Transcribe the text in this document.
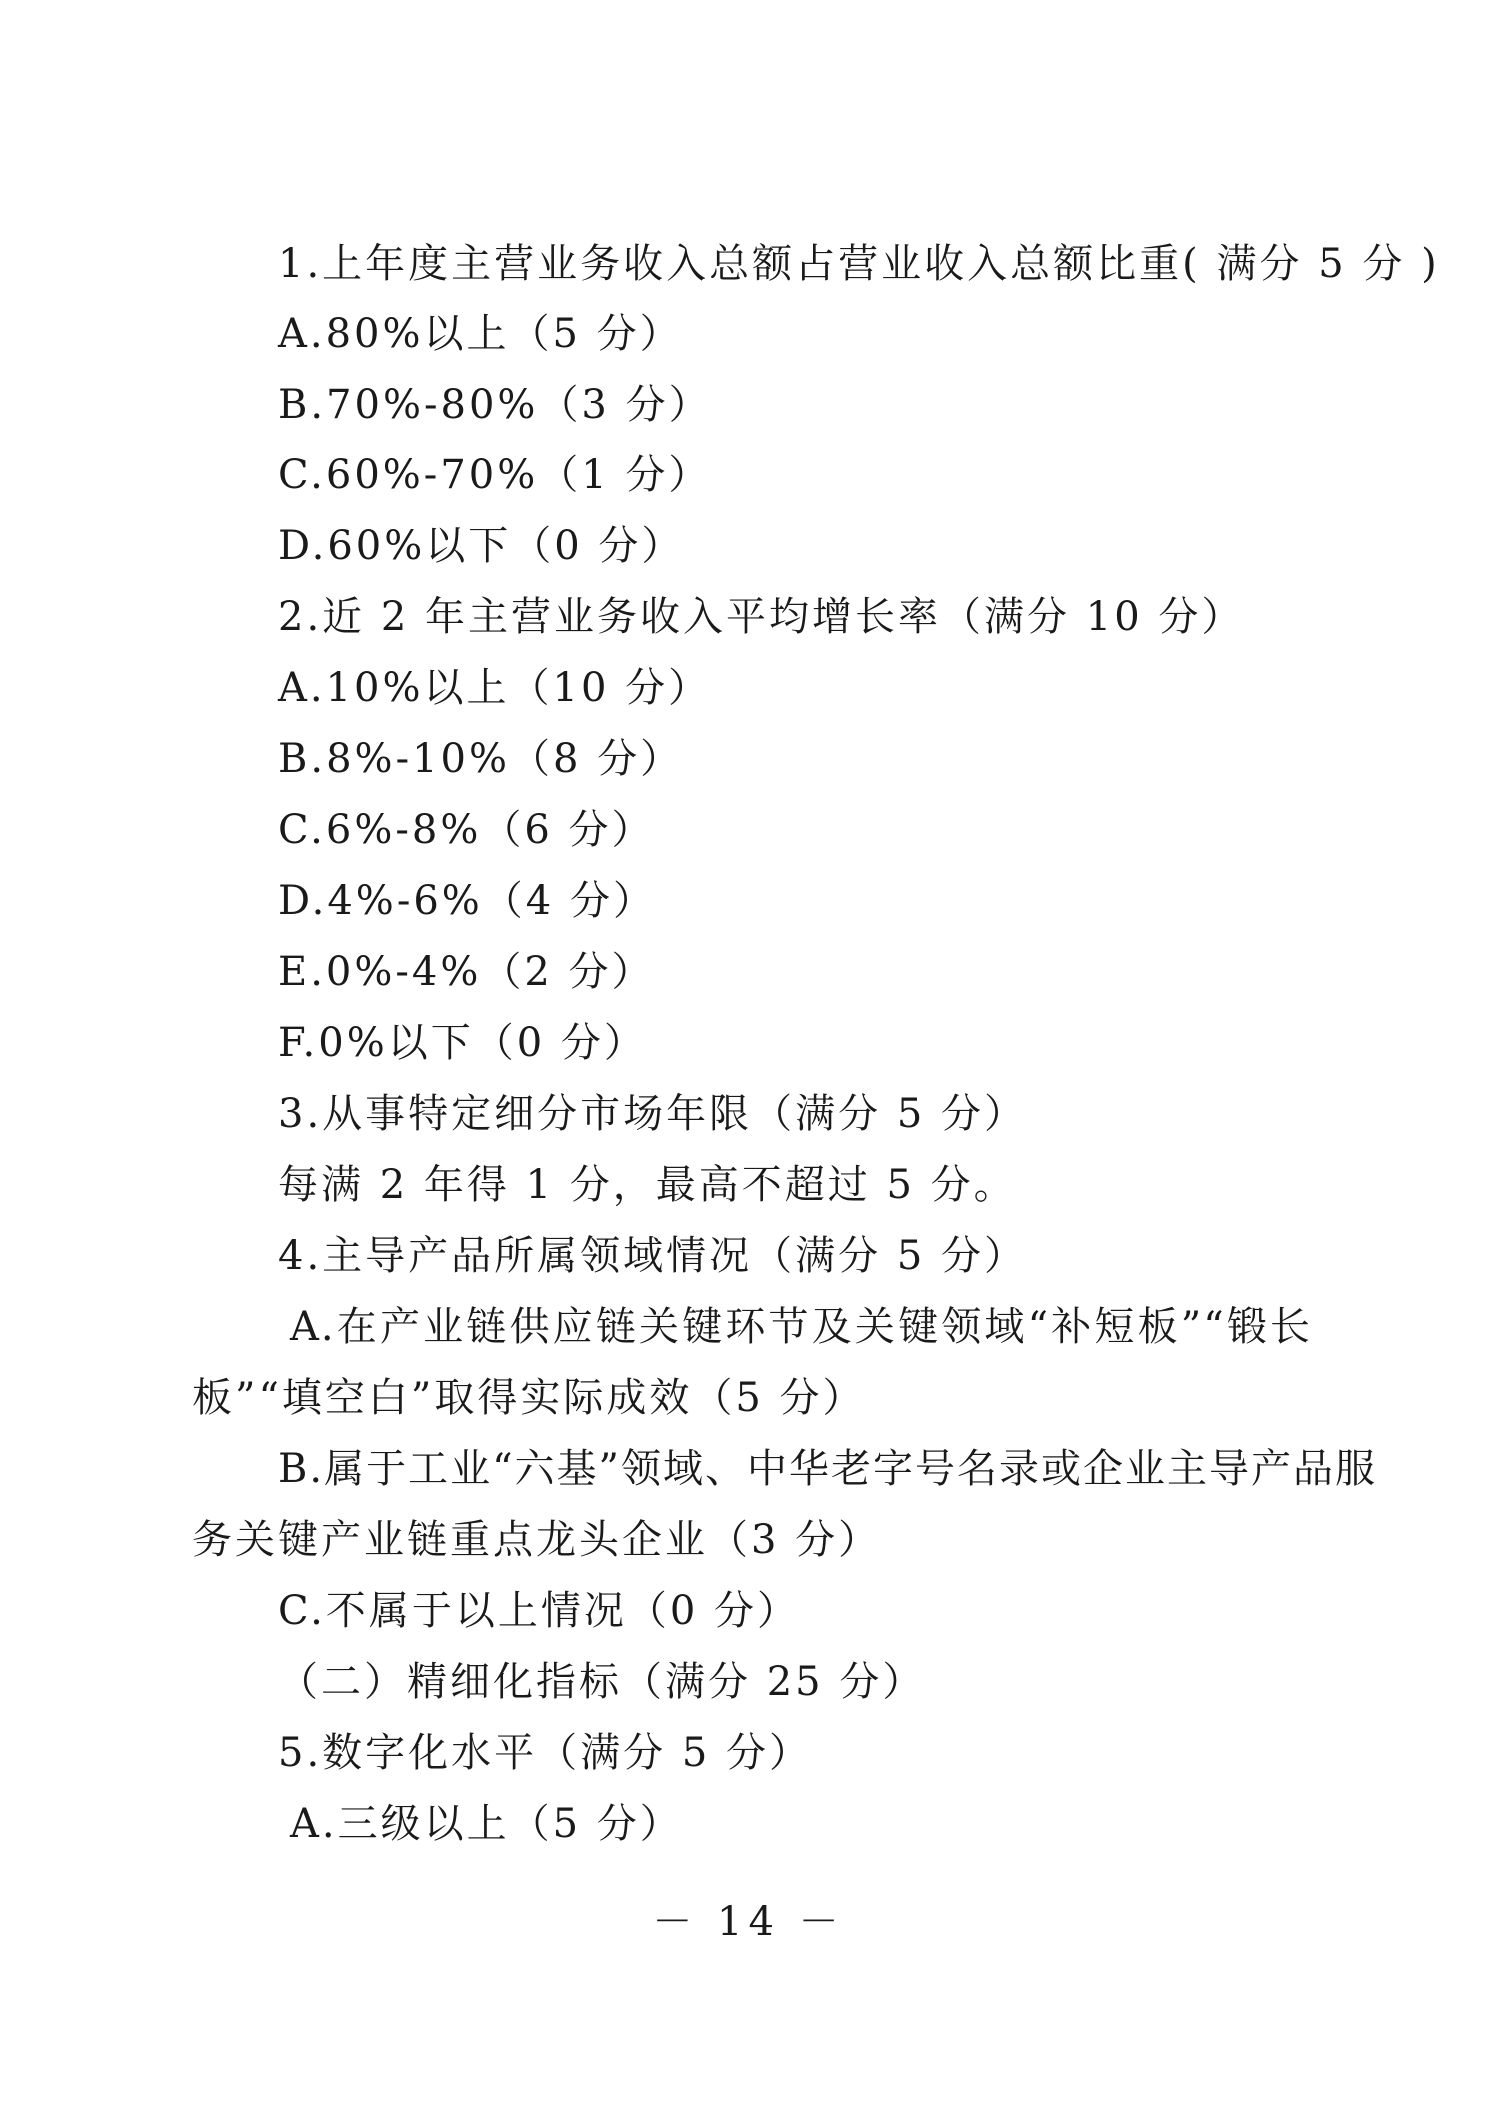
1.上年度主营业务收入总额占营业收入总额比重( 满分 5 分 )
A.80%以上（5 分）
B.70%-80%（3 分）
C.60%-70%（1 分）
D.60%以下（0 分）
2.近 2 年主营业务收入平均增长率（满分 10 分）
A.10%以上（10 分）
B.8%-10%（8 分）
C.6%-8%（6 分）
D.4%-6%（4 分）
E.0%-4%（2 分）
F.0%以下（0 分）
3.从事特定细分市场年限（满分 5 分）
每满 2 年得 1 分，最高不超过 5 分。
4.主导产品所属领域情况（满分 5 分）
A.在产业链供应链关键环节及关键领域“补短板”“锻长
板”“填空白”取得实际成效（5 分）
B.属于工业“六基”领域、中华老字号名录或企业主导产品服
务关键产业链重点龙头企业（3 分）
C.不属于以上情况（0 分）
（二）精细化指标（满分 25 分）
5.数字化水平（满分 5 分）
A.三级以上（5 分）
－ 14 －
